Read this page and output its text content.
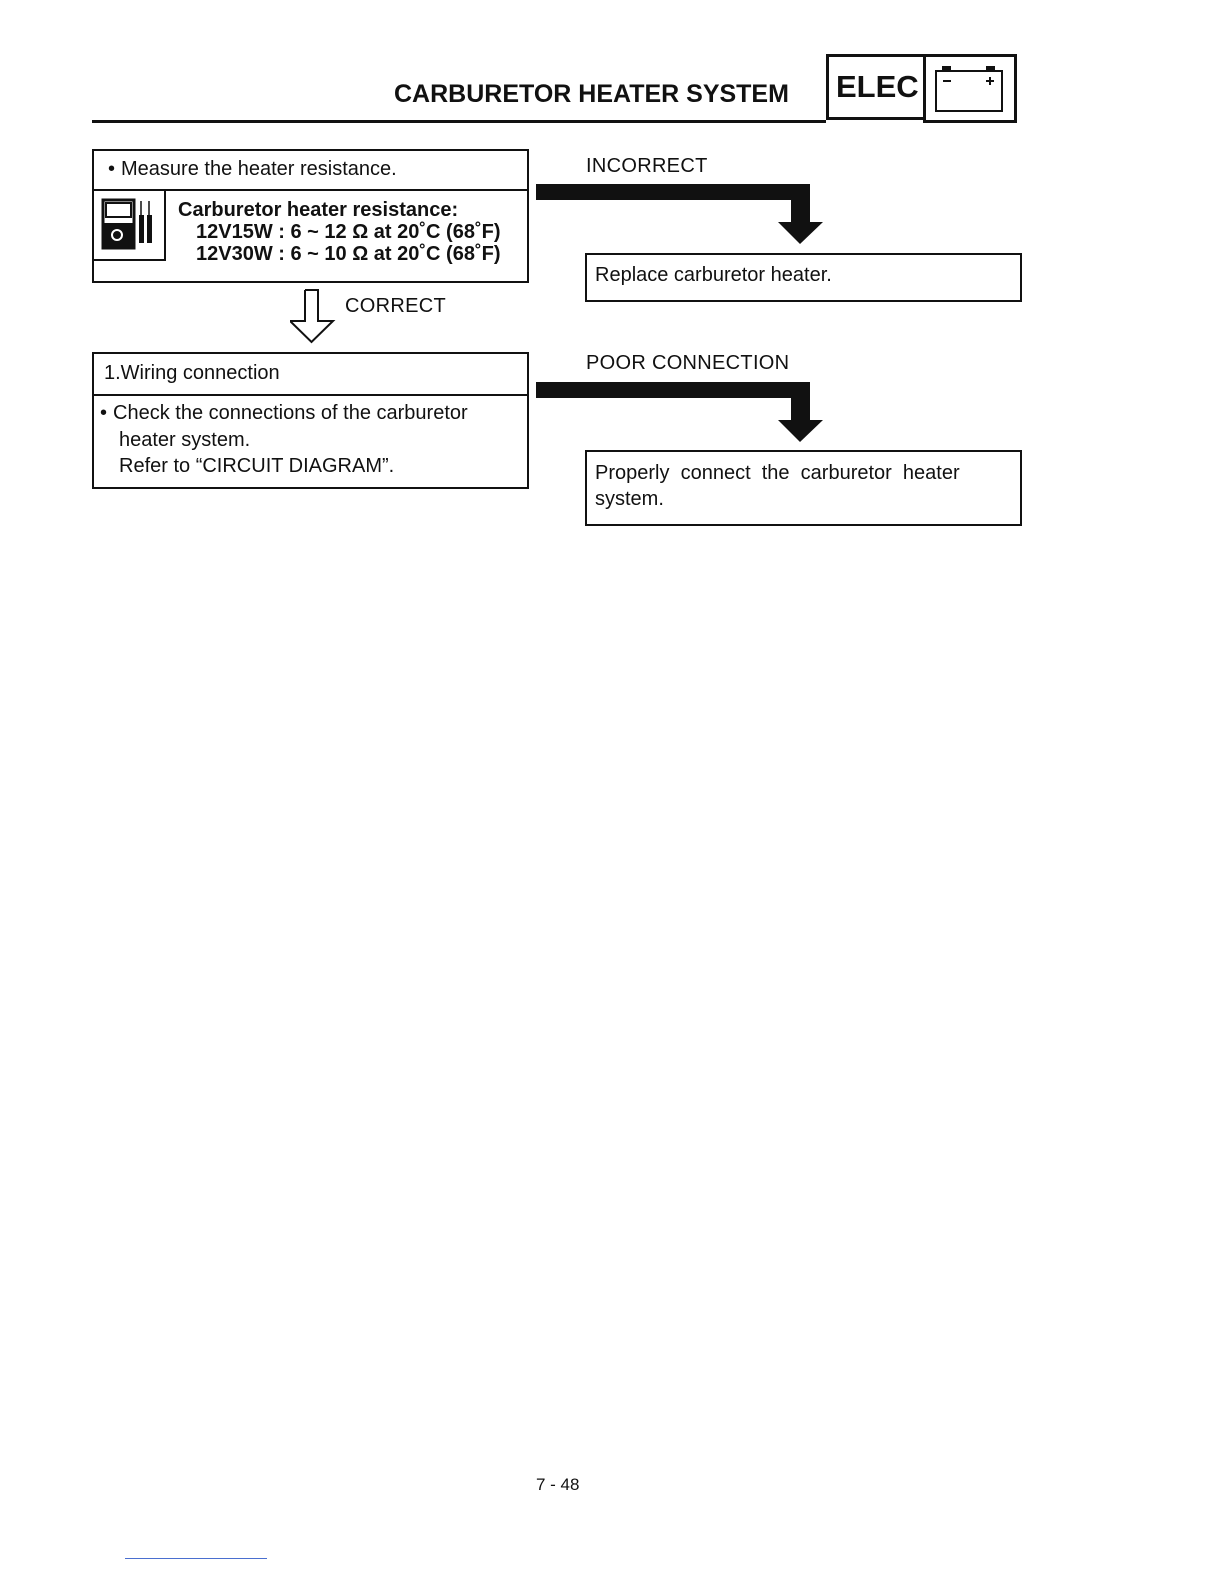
CARBURETOR HEATER SYSTEM	ELEC
• Measure the heater resistance.
Carburetor heater resistance:
12V15W : 6 ~ 12 Ω at 20˚C (68˚F)
12V30W : 6 ~ 10 Ω at 20˚C (68˚F)
INCORRECT
Replace carburetor heater.
CORRECT
1.Wiring connection
• Check the connections of the carburetor
heater system.
Refer to “CIRCUIT DIAGRAM”.
POOR CONNECTION
Properly  connect  the  carburetor  heater
system.
7 - 48
